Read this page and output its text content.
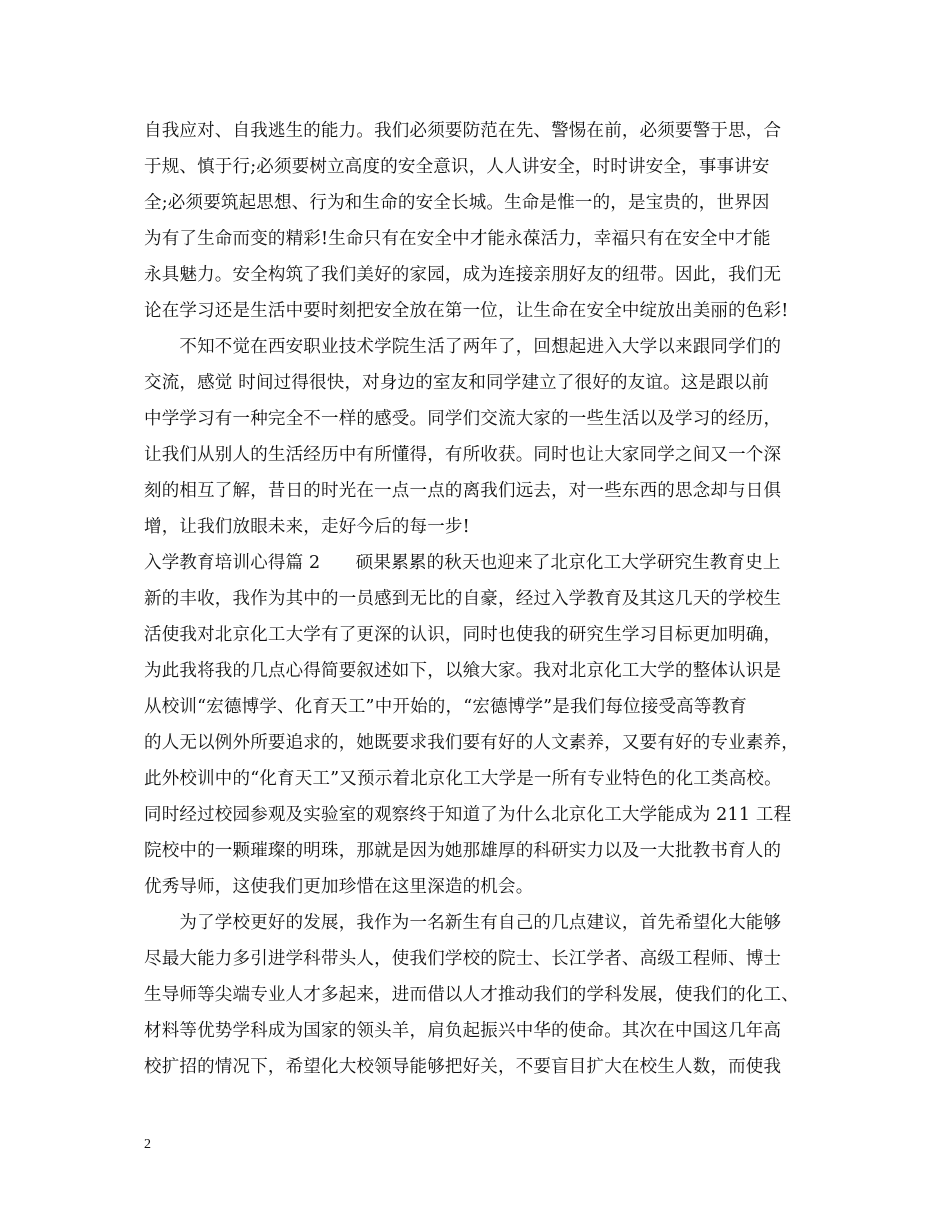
自我应对、自我逃生的能力。我们必须要防范在先、警惕在前，必须要警于思，合
于规、慎于行;必须要树立高度的安全意识，人人讲安全，时时讲安全，事事讲安
全;必须要筑起思想、行为和生命的安全长城。生命是惟一的，是宝贵的，世界因
为有了生命而变的精彩!生命只有在安全中才能永葆活力，幸福只有在安全中才能
永具魅力。安全构筑了我们美好的家园，成为连接亲朋好友的纽带。因此，我们无
论在学习还是生活中要时刻把安全放在第一位，让生命在安全中绽放出美丽的色彩!
　　不知不觉在西安职业技术学院生活了两年了，回想起进入大学以来跟同学们的
交流，感觉 时间过得很快，对身边的室友和同学建立了很好的友谊。这是跟以前
中学学习有一种完全不一样的感受。同学们交流大家的一些生活以及学习的经历，
让我们从别人的生活经历中有所懂得，有所收获。同时也让大家同学之间又一个深
刻的相互了解，昔日的时光在一点一点的离我们远去，对一些东西的思念却与日俱
增，让我们放眼未来，走好今后的每一步!
入学教育培训心得篇 2　　硕果累累的秋天也迎来了北京化工大学研究生教育史上
新的丰收，我作为其中的一员感到无比的自豪，经过入学教育及其这几天的学校生
活使我对北京化工大学有了更深的认识，同时也使我的研究生学习目标更加明确，
为此我将我的几点心得简要叙述如下，以飨大家。我对北京化工大学的整体认识是
从校训“宏德博学、化育天工”中开始的，“宏德博学”是我们每位接受高等教育
的人无以例外所要追求的，她既要求我们要有好的人文素养，又要有好的专业素养，
此外校训中的“化育天工”又预示着北京化工大学是一所有专业特色的化工类高校。
同时经过校园参观及实验室的观察终于知道了为什么北京化工大学能成为 211 工程
院校中的一颗璀璨的明珠，那就是因为她那雄厚的科研实力以及一大批教书育人的
优秀导师，这使我们更加珍惜在这里深造的机会。
　　为了学校更好的发展，我作为一名新生有自己的几点建议，首先希望化大能够
尽最大能力多引进学科带头人，使我们学校的院士、长江学者、高级工程师、博士
生导师等尖端专业人才多起来，进而借以人才推动我们的学科发展，使我们的化工、
材料等优势学科成为国家的领头羊，肩负起振兴中华的使命。其次在中国这几年高
校扩招的情况下，希望化大校领导能够把好关，不要盲目扩大在校生人数，而使我
2
